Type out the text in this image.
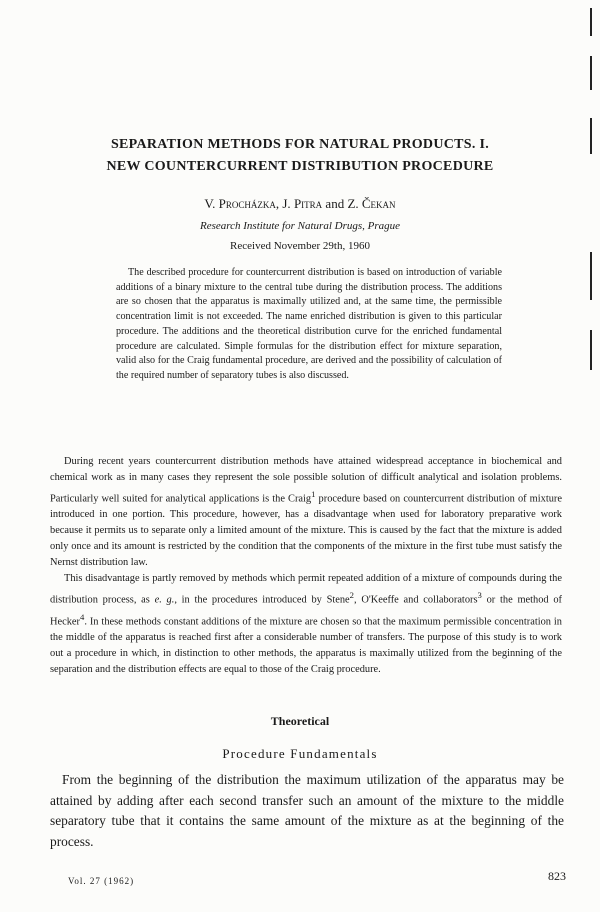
SEPARATION METHODS FOR NATURAL PRODUCTS. I.
NEW COUNTERCURRENT DISTRIBUTION PROCEDURE
V. Procházka, J. Pitra and Z. Čekan
Research Institute for Natural Drugs, Prague
Received November 29th, 1960

The described procedure for countercurrent distribution is based on introduction of variable additions of a binary mixture to the central tube during the distribution process. The additions are so chosen that the apparatus is maximally utilized and, at the same time, the permissible concentration limit is not exceeded. The name enriched distribution is given to this particular procedure. The additions and the theoretical distribution curve for the enriched fundamental procedure are calculated. Simple formulas for the distribution effect for mixture separation, valid also for the Craig fundamental procedure, are derived and the possibility of calculation of the required number of separatory tubes is also discussed.

During recent years countercurrent distribution methods have attained widespread acceptance in biochemical and chemical work as in many cases they represent the sole possible solution of difficult analytical and isolation problems. Particularly well suited for analytical applications is the Craig$^1$ procedure based on countercurrent distribution of mixture introduced in one portion. This procedure, however, has a disadvantage when used for laboratory preparative work because it permits us to separate only a limited amount of the mixture. This is caused by the fact that the mixture is added only once and its amount is restricted by the condition that the components of the mixture in the first tube must satisfy the Nernst distribution law.

This disadvantage is partly removed by methods which permit repeated addition of a mixture of compounds during the distribution process, as e. g., in the procedures introduced by Stene$^2$, O'Keeffe and collaborators$^3$ or the method of Hecker$^4$. In these methods constant additions of the mixture are chosen so that the maximum permissible concentration in the middle of the apparatus is reached first after a considerable number of transfers. The purpose of this study is to work out a procedure in which, in distinction to other methods, the apparatus is maximally utilized from the beginning of the separation and the distribution effects are equal to those of the Craig procedure.

Theoretical
Procedure Fundamentals

From the beginning of the distribution the maximum utilization of the apparatus may be attained by adding after each second transfer such an amount of the mixture to the middle separatory tube that it contains the same amount of the mixture as at the beginning of the process.

Vol. 27 (1962)	823
